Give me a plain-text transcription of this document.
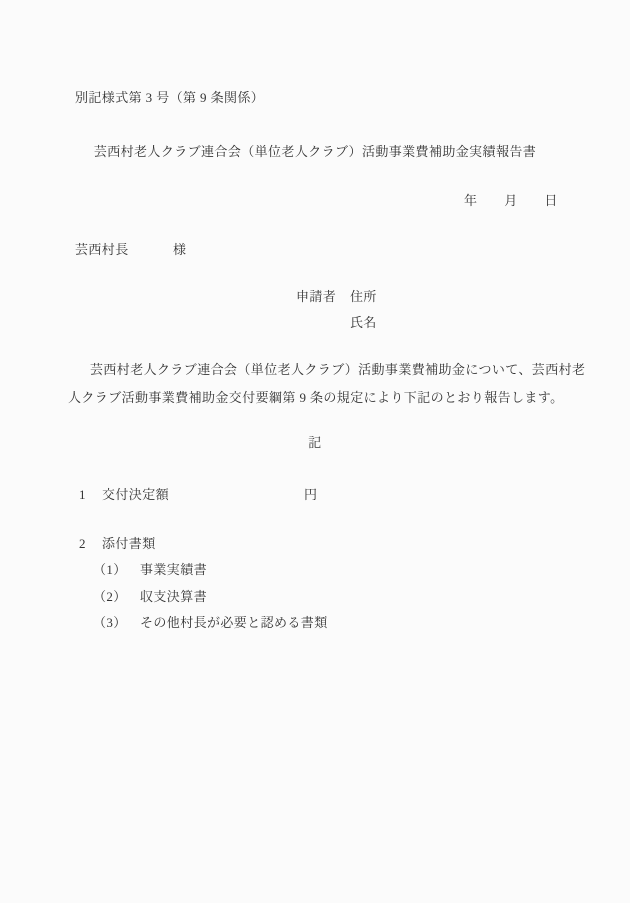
別記様式第 3 号（第 9 条関係）
芸西村老人クラブ連合会（単位老人クラブ）活動事業費補助金実績報告書
年　　月　　日
芸西村長	様
申請者 住所
氏名
芸西村老人クラブ連合会（単位老人クラブ）活動事業費補助金について、芸西村老
人クラブ活動事業費補助金交付要綱第 9 条の規定により下記のとおり報告します。
記
1 交付決定額	円
2 添付書類
（1） 事業実績書
（2） 収支決算書
（3） その他村長が必要と認める書類
